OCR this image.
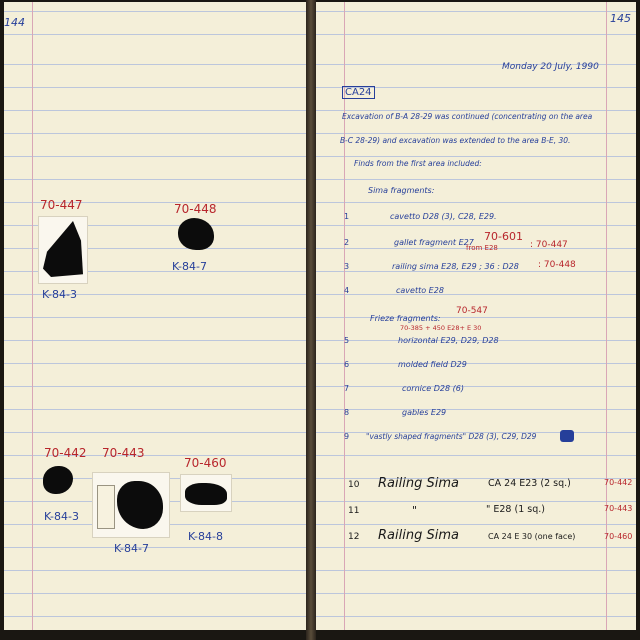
144
70-447
K-84-3
70-448
K-84-7
70-442
K-84-3
70-443
K-84-7
70-460
K-84-8
145
Monday 20 July, 1990
CA24
Excavation of B-A 28-29 was continued (concentrating on the area
B-C 28-29) and excavation was extended to the area B-E, 30.
Finds from the first area included:
Sima fragments:
1	cavetto D28 (3), C28, E29.
2	gallet fragment E27 70-601
from E28	: 70-447
3	railing sima E28, E29 ; 36 : D28 : 70-448
4	cavetto E28
Frieze fragments:
70-547
70-385 + 450 E28+ E 30
5	horizontal E29, D29, D28
6	molded field D29
7	cornice D28 (6)
8	gables E29
9 "vastly shaped fragments" D28 (3), C29, D29
10 Railing Sima	CA 24 E23 (2 sq.)	70-442
11	"	" E28 (1 sq.)	70-443
12 Railing Sima	CA 24 E 30 (one face)	70-460
